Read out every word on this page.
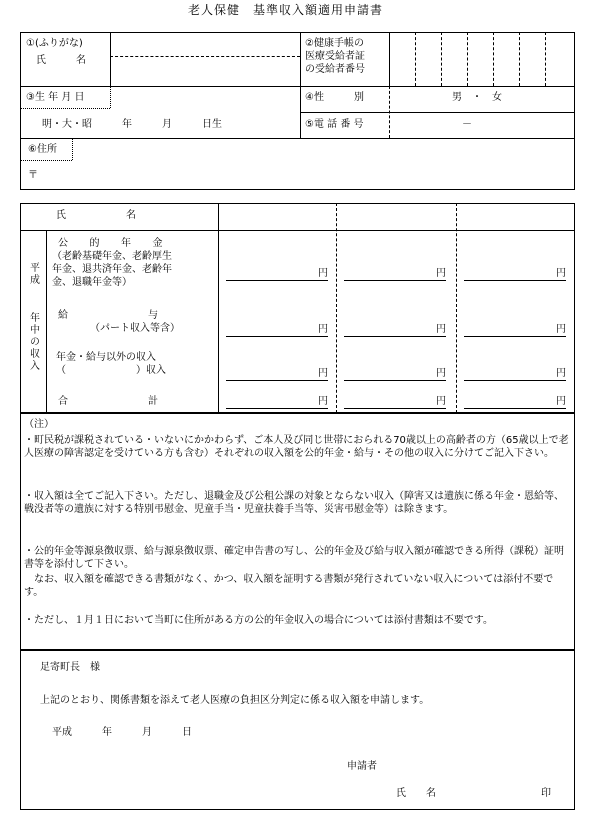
老人保健　基準収入額適用申請書
①(ふりがな)
氏　　　名
②健康手帳の
医療受給者証
の受給者番号
③生 年 月 日
明・大・昭　　　年　　　月　　　日生
④性　　　別	男　・　女
⑤電 話 番 号	－
⑥住所
〒
氏　　　　　　名
平成
年中の収入
公　　的　　年　　金
（老齢基礎年金、老齢厚生
年金、退共済年金、老齢年
金、退職年金等）
円	円	円
給　　　　　　　　与
（パート収入等含）	円	円	円
年金・給与以外の収入
（　　　　　　　）収入	円	円	円
合　　　　　　　　計	円	円	円
（注）
・町民税が課税されている・いないにかかわらず、ご本人及び同じ世帯におられる70歳以上の高齢者の方（65歳以上で老人医療の障害認定を受けている方も含む）それぞれの収入額を公的年金・給与・その他の収入に分けてご記入下さい。
・収入額は全てご記入下さい。ただし、退職金及び公租公課の対象とならない収入（障害又は遺族に係る年金・恩給等、戦没者等の遺族に対する特別弔慰金、児童手当・児童扶養手当等、災害弔慰金等）は除きます。
・公的年金等源泉徴収票、給与源泉徴収票、確定申告書の写し、公的年金及び給与収入額が確認できる所得（課税）証明書等を添付して下さい。
　なお、収入額を確認できる書類がなく、かつ、収入額を証明する書類が発行されていない収入については添付不要です。
・ただし、１月１日において当町に住所がある方の公的年金収入の場合については添付書類は不要です。
足寄町長　様
上記のとおり、関係書類を添えて老人医療の負担区分判定に係る収入額を申請します。
平成　　　年　　　月　　　日
申請者
氏　　名	印
